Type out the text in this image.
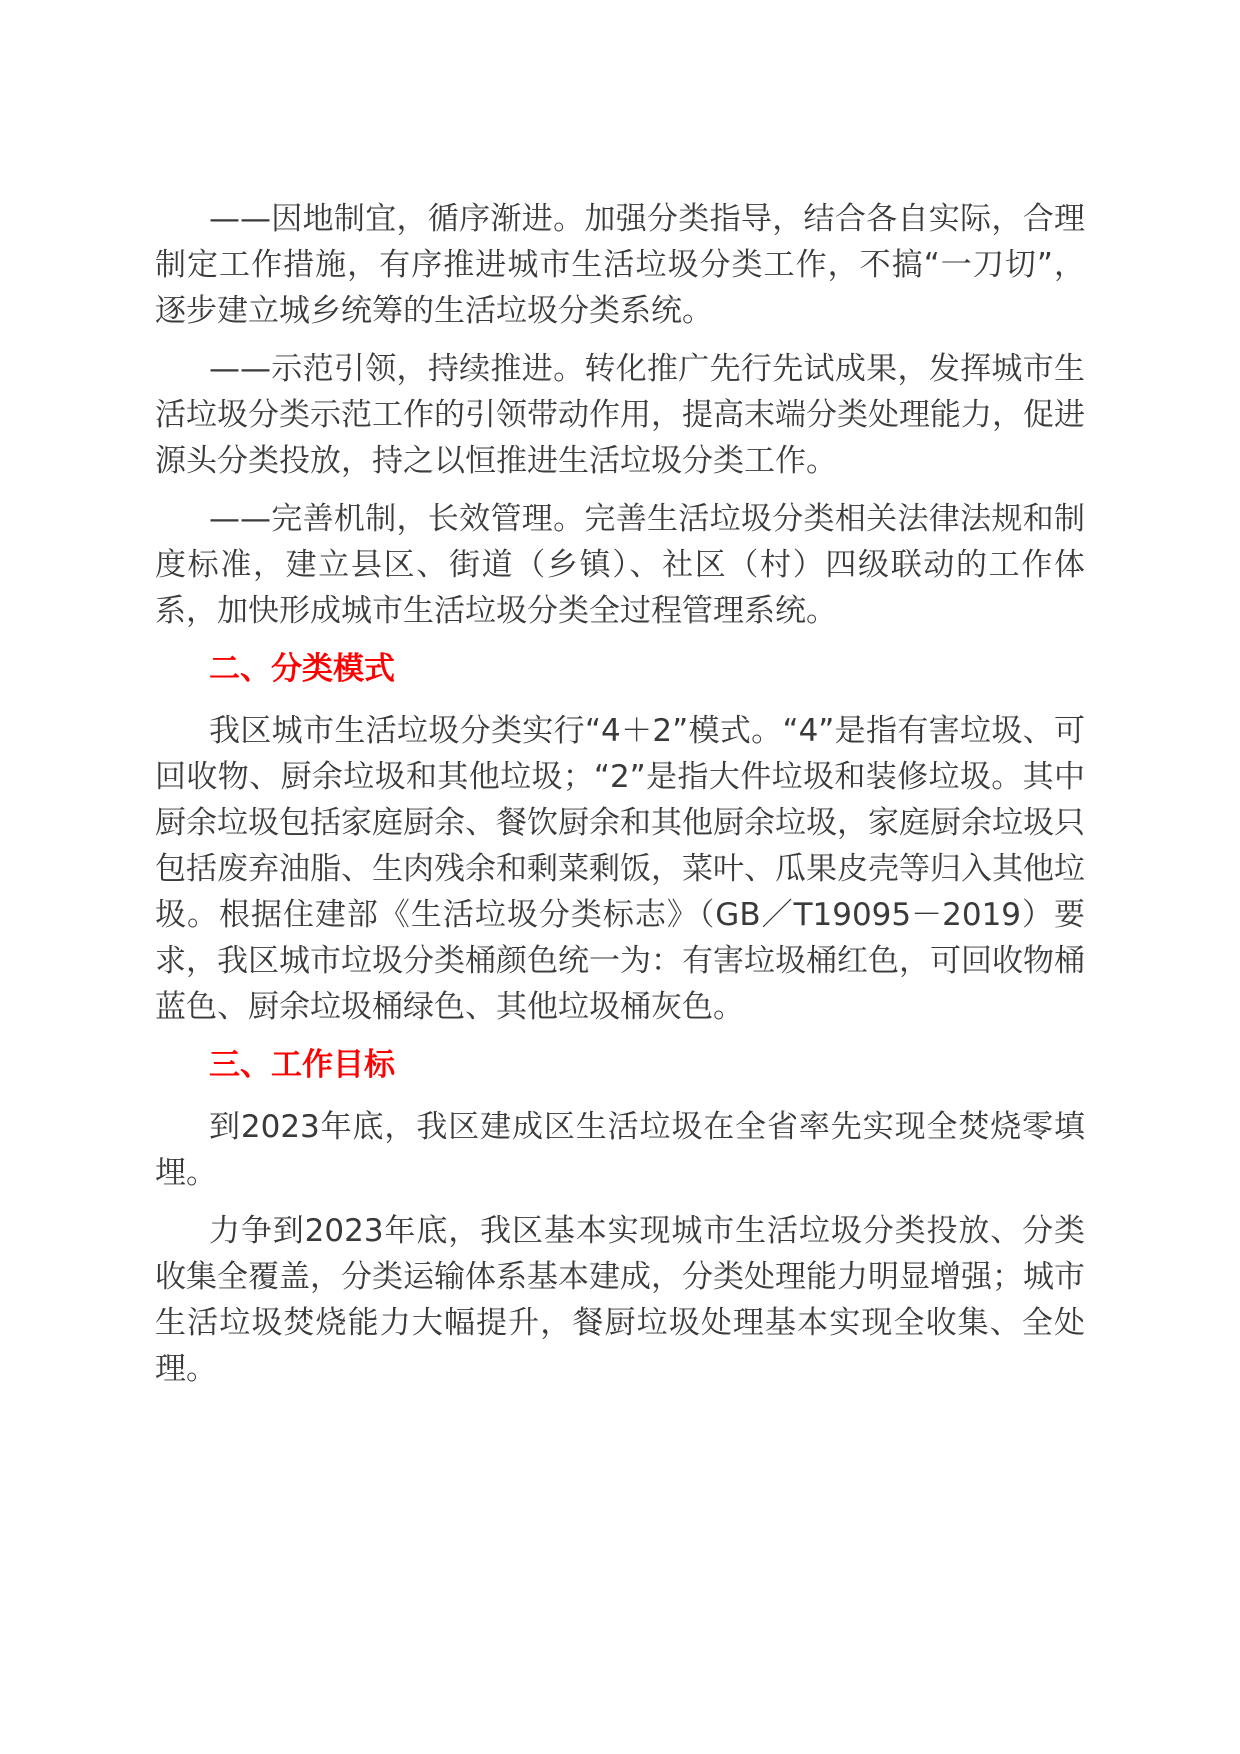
——因地制宜，循序渐进。加强分类指导，结合各自实际，合理制定工作措施，有序推进城市生活垃圾分类工作，不搞“一刀切”，逐步建立城乡统筹的生活垃圾分类系统。

——示范引领，持续推进。转化推广先行先试成果，发挥城市生活垃圾分类示范工作的引领带动作用，提高末端分类处理能力，促进源头分类投放，持之以恒推进生活垃圾分类工作。

——完善机制，长效管理。完善生活垃圾分类相关法律法规和制度标准，建立县区、街道（乡镇）、社区（村）四级联动的工作体系，加快形成城市生活垃圾分类全过程管理系统。

二、分类模式

我区城市生活垃圾分类实行“4＋2”模式。“4”是指有害垃圾、可回收物、厨余垃圾和其他垃圾；“2”是指大件垃圾和装修垃圾。其中厨余垃圾包括家庭厨余、餐饮厨余和其他厨余垃圾，家庭厨余垃圾只包括废弃油脂、生肉残余和剩菜剩饭，菜叶、瓜果皮壳等归入其他垃圾。根据住建部《生活垃圾分类标志》（GB／T19095－2019）要求，我区城市垃圾分类桶颜色统一为：有害垃圾桶红色，可回收物桶蓝色、厨余垃圾桶绿色、其他垃圾桶灰色。

三、工作目标

到2023年底，我区建成区生活垃圾在全省率先实现全焚烧零填埋。

力争到2023年底，我区基本实现城市生活垃圾分类投放、分类收集全覆盖，分类运输体系基本建成，分类处理能力明显增强；城市生活垃圾焚烧能力大幅提升，餐厨垃圾处理基本实现全收集、全处理。
